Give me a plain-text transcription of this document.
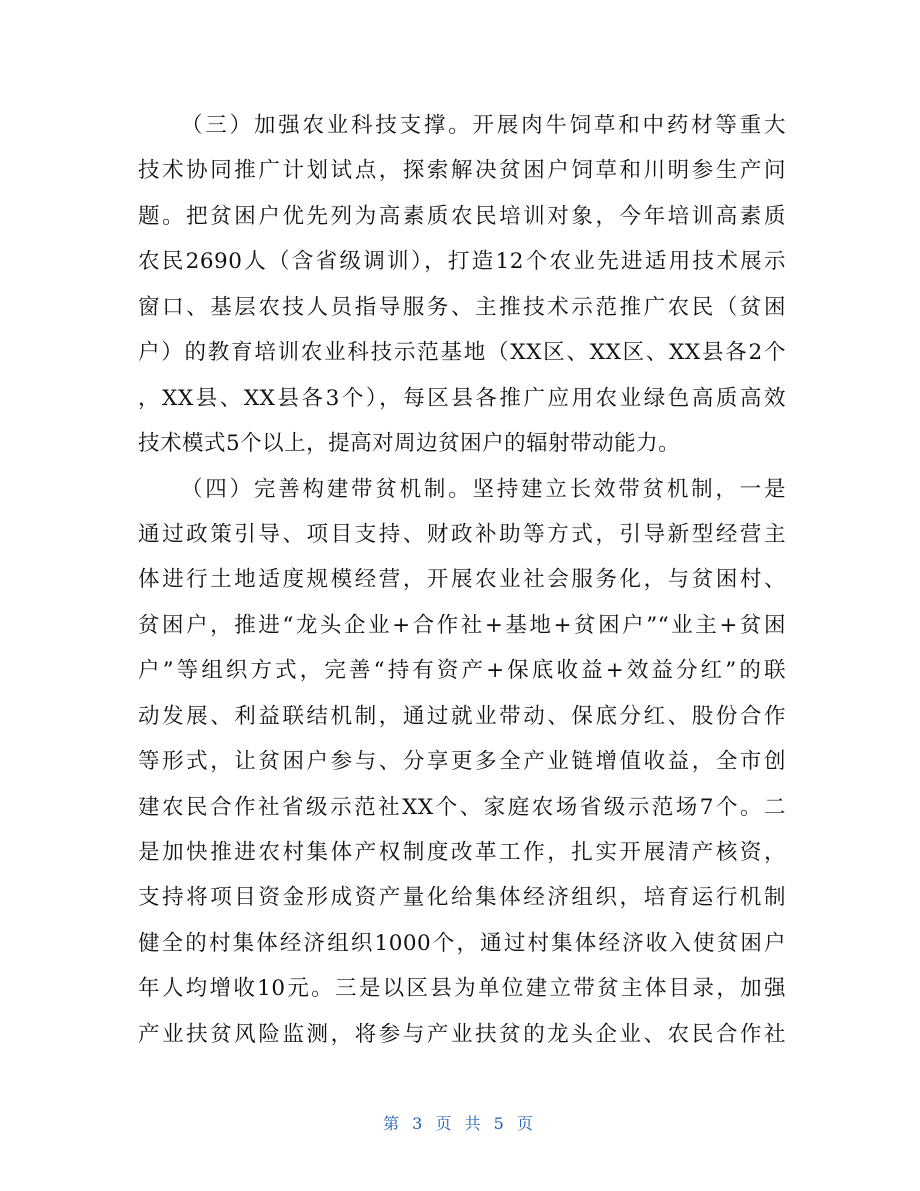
（三）加强农业科技支撑。开展肉牛饲草和中药材等重大
技术协同推广计划试点，探索解决贫困户饲草和川明参生产问
题。把贫困户优先列为高素质农民培训对象，今年培训高素质
农民2690人（含省级调训），打造12个农业先进适用技术展示
窗口、基层农技人员指导服务、主推技术示范推广农民（贫困
户）的教育培训农业科技示范基地（XX区、XX区、XX县各2个
，XX县、XX县各3个），每区县各推广应用农业绿色高质高效
技术模式5个以上，提高对周边贫困户的辐射带动能力。
（四）完善构建带贫机制。坚持建立长效带贫机制，一是
通过政策引导、项目支持、财政补助等方式，引导新型经营主
体进行土地适度规模经营，开展农业社会服务化，与贫困村、
贫困户，推进“龙头企业+合作社+基地+贫困户”“业主+贫困
户”等组织方式，完善“持有资产+保底收益+效益分红”的联
动发展、利益联结机制，通过就业带动、保底分红、股份合作
等形式，让贫困户参与、分享更多全产业链增值收益，全市创
建农民合作社省级示范社XX个、家庭农场省级示范场7个。二
是加快推进农村集体产权制度改革工作，扎实开展清产核资，
支持将项目资金形成资产量化给集体经济组织，培育运行机制
健全的村集体经济组织1000个，通过村集体经济收入使贫困户
年人均增收10元。三是以区县为单位建立带贫主体目录，加强
产业扶贫风险监测，将参与产业扶贫的龙头企业、农民合作社
第 3 页 共 5 页
